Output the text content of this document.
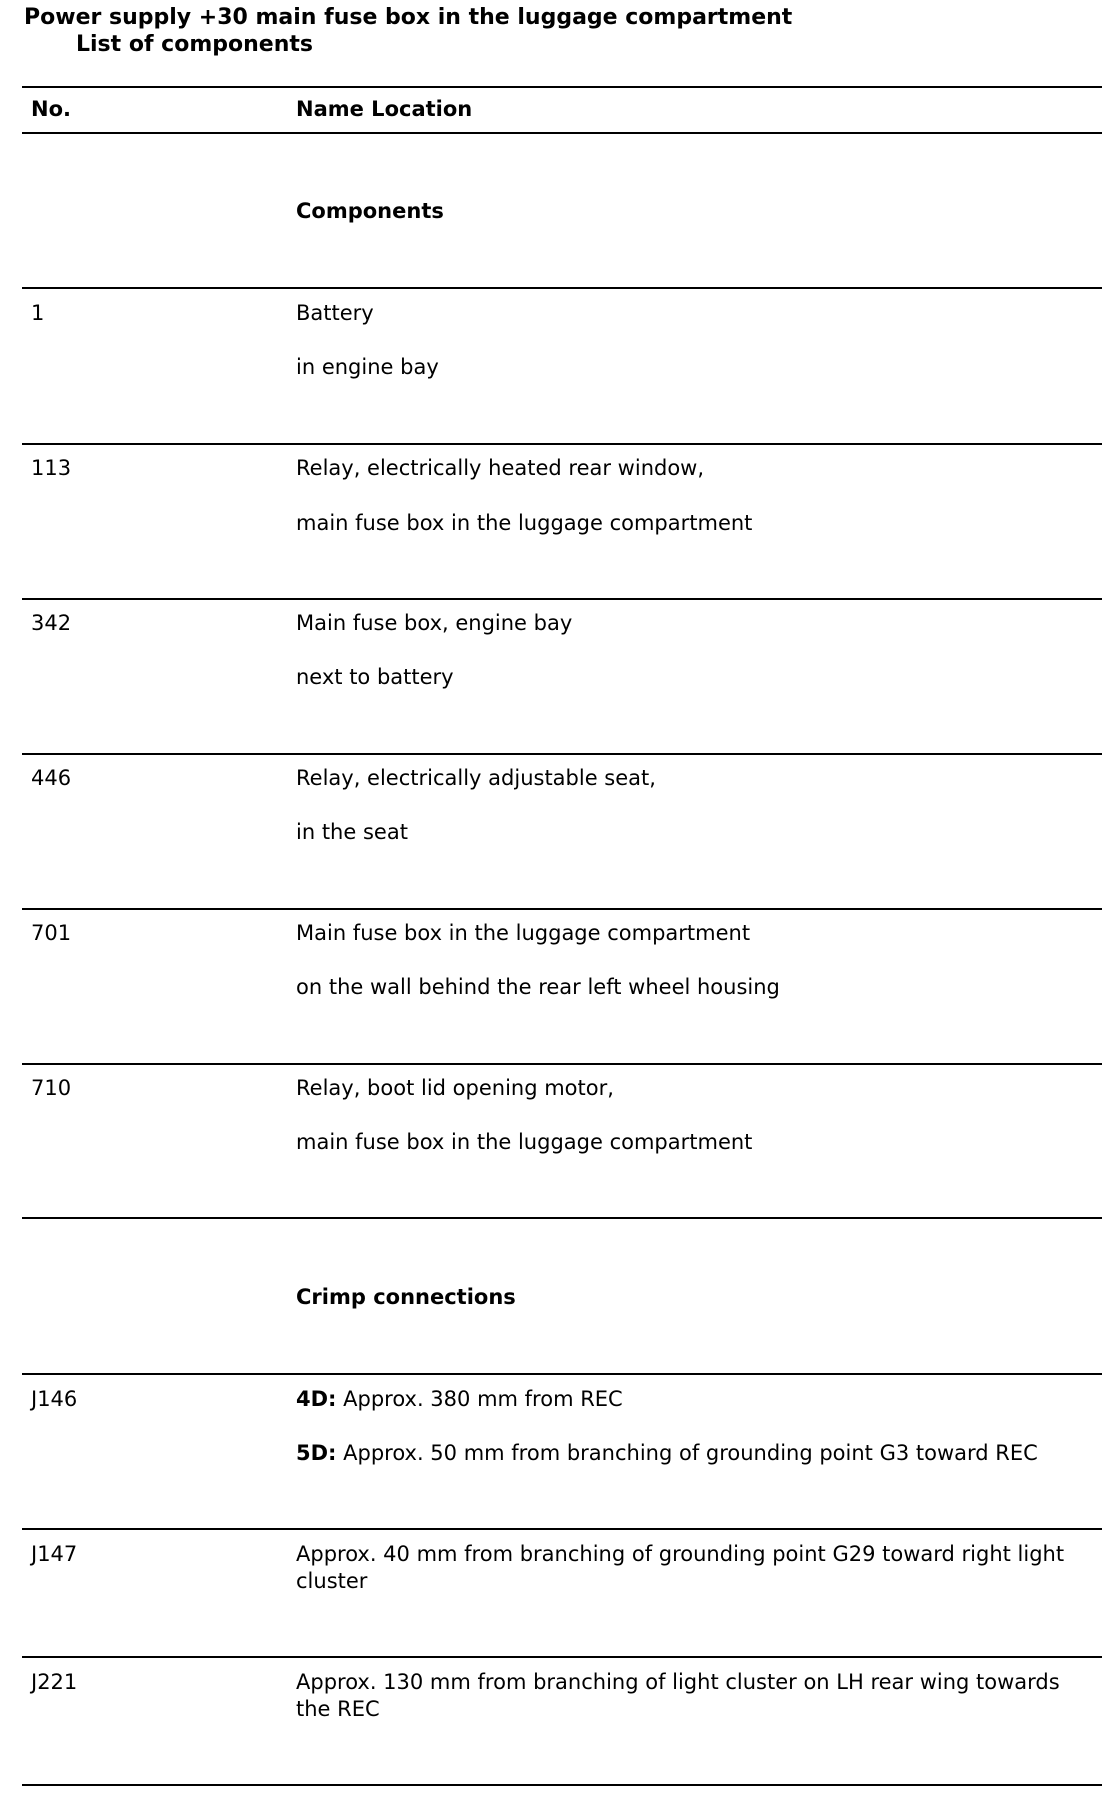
Power supply +30 main fuse box in the luggage compartment
List of components
No.	Name Location
Components
1	Battery
in engine bay
113	Relay, electrically heated rear window,
main fuse box in the luggage compartment
342	Main fuse box, engine bay
next to battery
446	Relay, electrically adjustable seat,
in the seat
701	Main fuse box in the luggage compartment
on the wall behind the rear left wheel housing
710	Relay, boot lid opening motor,
main fuse box in the luggage compartment
Crimp connections
J146	4D: Approx. 380 mm from REC
5D: Approx. 50 mm from branching of grounding point G3 toward REC
J147	Approx. 40 mm from branching of grounding point G29 toward right light cluster
J221	Approx. 130 mm from branching of light cluster on LH rear wing towards the REC
